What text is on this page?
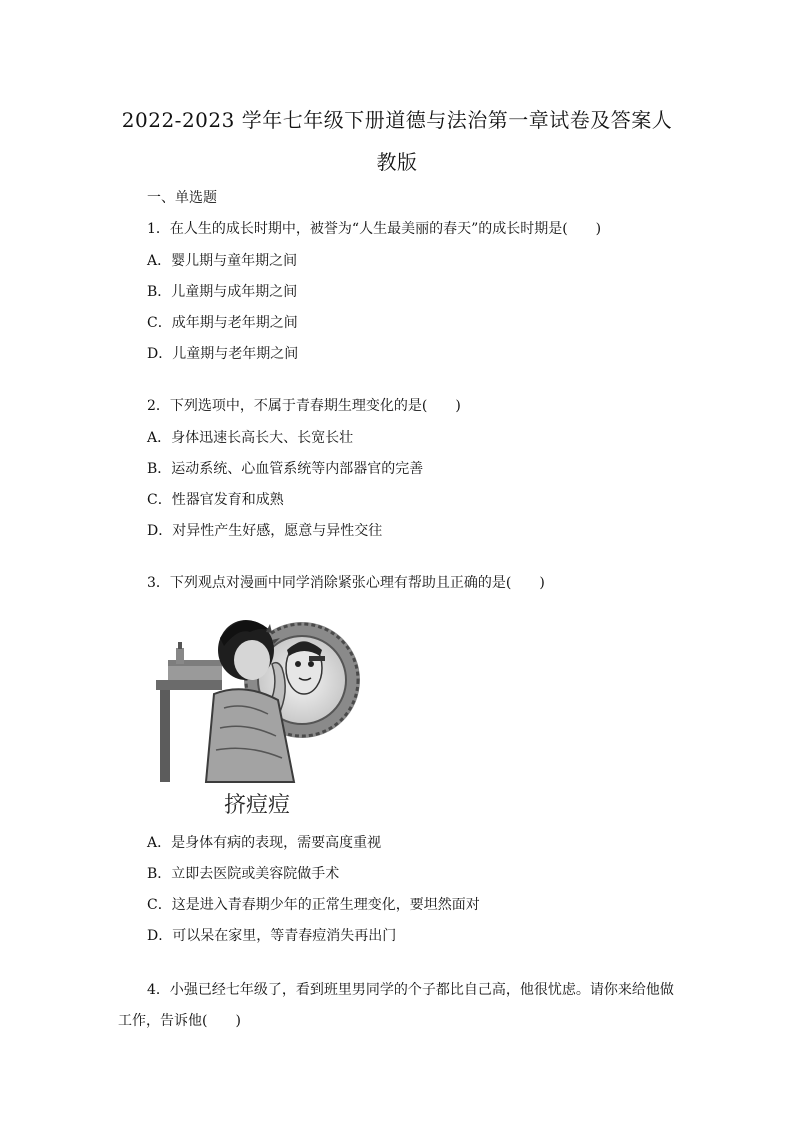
2022-2023 学年七年级下册道德与法治第一章试卷及答案人
教版
一、单选题
1．在人生的成长时期中，被誉为“人生最美丽的春天”的成长时期是(　　)
A．婴儿期与童年期之间
B．儿童期与成年期之间
C．成年期与老年期之间
D．儿童期与老年期之间
2．下列选项中，不属于青春期生理变化的是(　　)
A．身体迅速长高长大、长宽长壮
B．运动系统、心血管系统等内部器官的完善
C．性器官发育和成熟
D．对异性产生好感，愿意与异性交往
3．下列观点对漫画中同学消除紧张心理有帮助且正确的是(　　)
挤痘痘
A．是身体有病的表现，需要高度重视
B．立即去医院或美容院做手术
C．这是进入青春期少年的正常生理变化，要坦然面对
D．可以呆在家里，等青春痘消失再出门
4．小强已经七年级了，看到班里男同学的个子都比自己高，他很忧虑。请你来给他做
工作，告诉他(　　)
